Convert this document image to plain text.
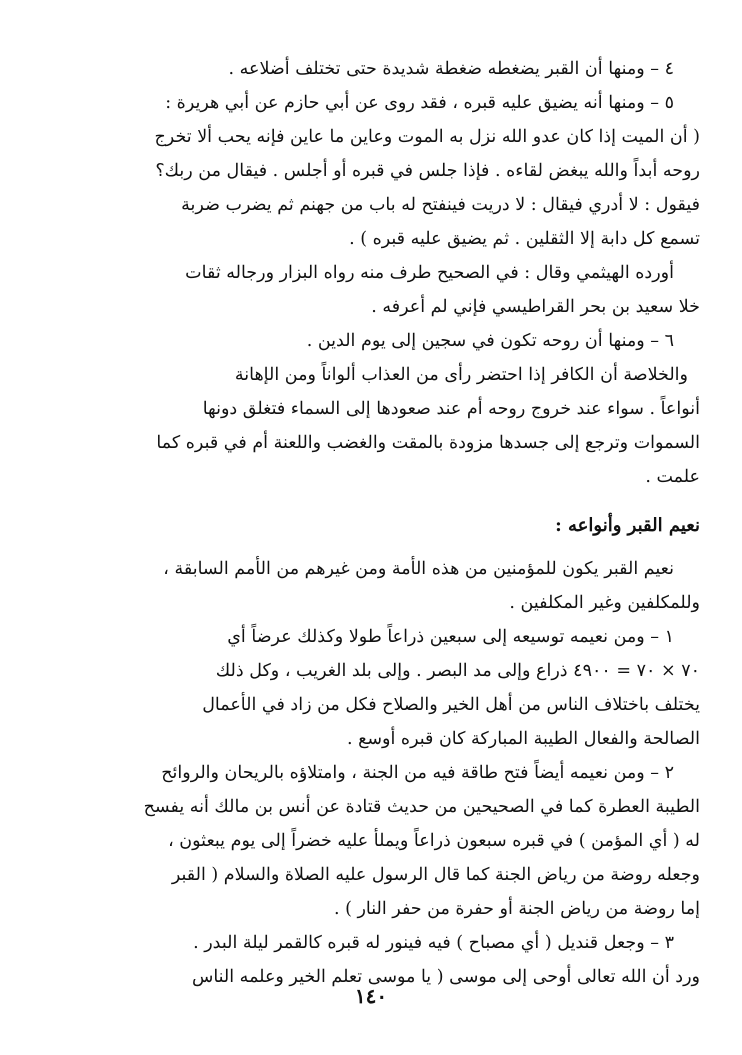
٤ – ومنها أن القبر يضغطه ضغطة شديدة حتى تختلف أضلاعه .
٥ – ومنها أنه يضيق عليه قبره ، فقد روى عن أبي حازم عن أبي هريرة :
( أن الميت إذا كان عدو الله نزل به الموت وعاين ما عاين فإنه يحب ألا تخرج
روحه أبداً والله يبغض لقاءه . فإذا جلس في قبره أو أجلس . فيقال من ربك؟
فيقول : لا أدري فيقال : لا دريت فينفتح له باب من جهنم ثم يضرب ضربة
تسمع كل دابة إلا الثقلين . ثم يضيق عليه قبره ) .
أورده الهيثمي وقال : في الصحيح طرف منه رواه البزار ورجاله ثقات
خلا سعيد بن بحر القراطيسي فإني لم أعرفه .
٦ – ومنها أن روحه تكون في سجين إلى يوم الدين .
والخلاصة أن الكافر إذا احتضر رأى من العذاب ألواناً ومن الإهانة
أنواعاً . سواء عند خروج روحه أم عند صعودها إلى السماء فتغلق دونها
السموات وترجع إلى جسدها مزودة بالمقت والغضب واللعنة أم في قبره كما
علمت .
نعيم القبر وأنواعه :
نعيم القبر يكون للمؤمنين من هذه الأمة ومن غيرهم من الأمم السابقة ،
وللمكلفين وغير المكلفين .
١ – ومن نعيمه توسيعه إلى سبعين ذراعاً طولا وكذلك عرضاً أي
٧٠ × ٧٠ = ٤٩٠٠ ذراع وإلى مد البصر . وإلى بلد الغريب ، وكل ذلك
يختلف باختلاف الناس من أهل الخير والصلاح فكل من زاد في الأعمال
الصالحة والفعال الطيبة المباركة كان قبره أوسع .
٢ – ومن نعيمه أيضاً فتح طاقة فيه من الجنة ، وامتلاؤه بالريحان والروائح
الطيبة العطرة كما في الصحيحين من حديث قتادة عن أنس بن مالك أنه يفسح
له ( أي المؤمن ) في قبره سبعون ذراعاً ويملأ عليه خضراً إلى يوم يبعثون ،
وجعله روضة من رياض الجنة كما قال الرسول عليه الصلاة والسلام ( القبر
إما روضة من رياض الجنة أو حفرة من حفر النار ) .
٣ – وجعل قنديل ( أي مصباح ) فيه فينور له قبره كالقمر ليلة البدر .
ورد أن الله تعالى أوحى إلى موسى ( يا موسى تعلم الخير وعلمه الناس
١٤٠
